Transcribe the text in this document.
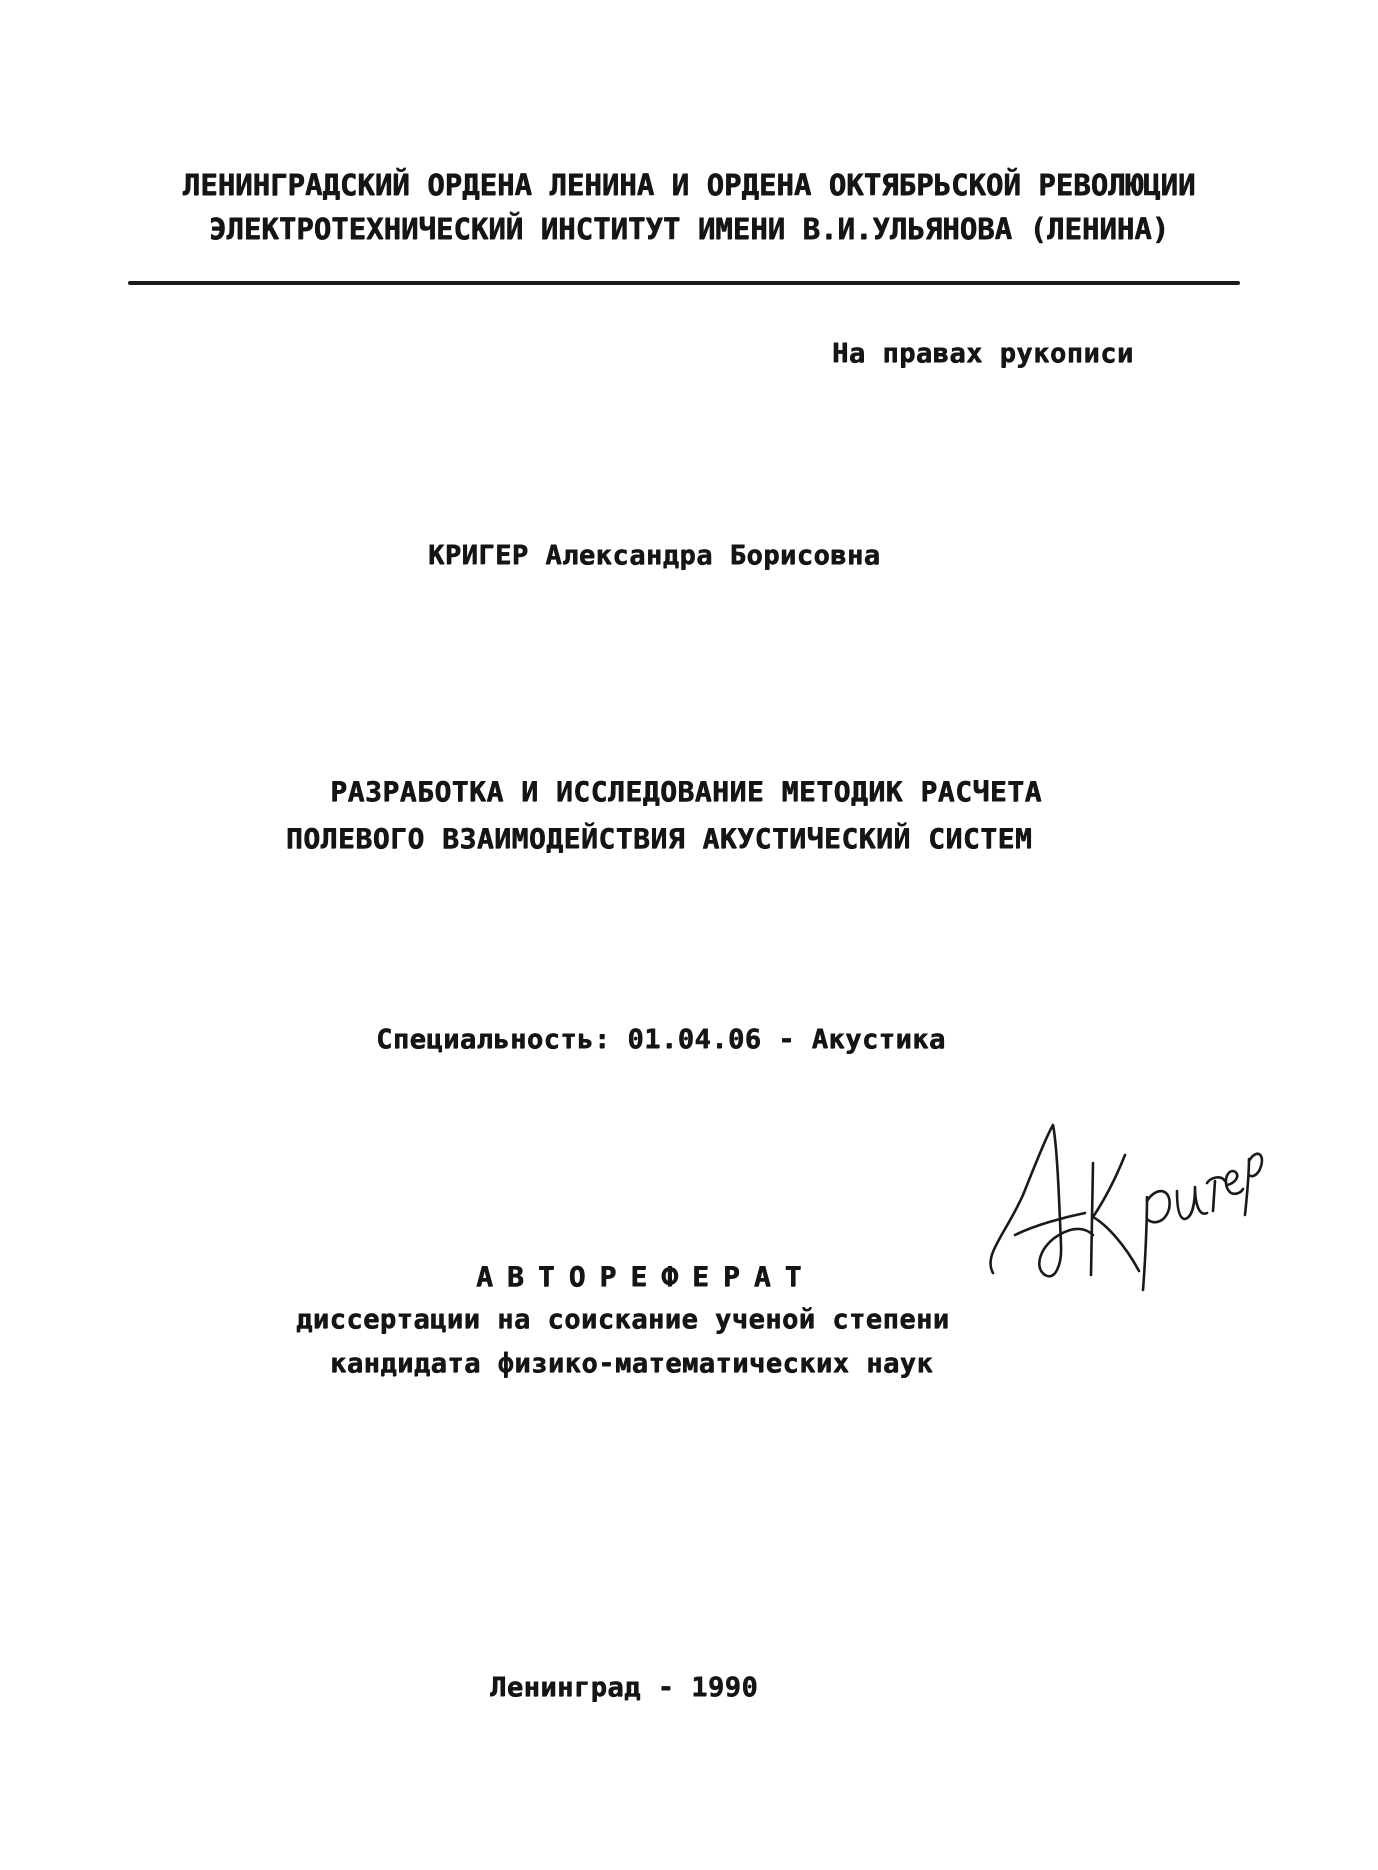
ЛЕНИНГРАДСКИЙ ОРДЕНА ЛЕНИНА И ОРДЕНА ОКТЯБРЬСКОЙ РЕВОЛЮЦИИ
ЭЛЕКТРОТЕХНИЧЕСКИЙ ИНСТИТУТ ИМЕНИ В.И.УЛЬЯНОВА (ЛЕНИНА)
На правах рукописи
КРИГЕР Александра Борисовна
РАЗРАБОТКА И ИССЛЕДОВАНИЕ МЕТОДИК РАСЧЕТА
ПОЛЕВОГО ВЗАИМОДЕЙСТВИЯ АКУСТИЧЕСКИЙ СИСТЕМ
Специальность: 01.04.06 - Акустика
АВТОРЕФЕРАТ
диссертации на соискание ученой степени
кандидата физико-математических наук
Ленинград - 1990
